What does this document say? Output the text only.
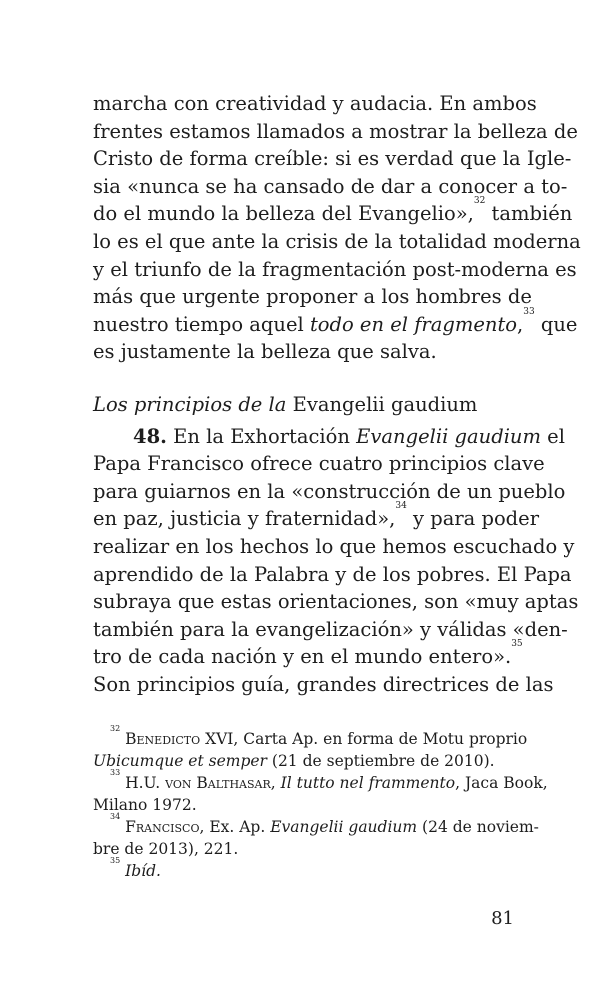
marcha con creatividad y audacia. En ambos
frentes estamos llamados a mostrar la belleza de
Cristo de forma creíble: si es verdad que la Igle-
sia «nunca se ha cansado de dar a conocer a to-
do el mundo la belleza del Evangelio»,$^{32}$ también
lo es el que ante la crisis de la totalidad moderna
y el triunfo de la fragmentación post-moderna es
más que urgente proponer a los hombres de
nuestro tiempo aquel todo en el fragmento,$^{33}$ que
es justamente la belleza que salva.
Los principios de la Evangelii gaudium
48. En la Exhortación Evangelii gaudium el
Papa Francisco ofrece cuatro principios clave
para guiarnos en la «construcción de un pueblo
en paz, justicia y fraternidad»,$^{34}$ y para poder
realizar en los hechos lo que hemos escuchado y
aprendido de la Palabra y de los pobres. El Papa
subraya que estas orientaciones, son «muy aptas
también para la evangelización» y válidas «den-
tro de cada nación y en el mundo entero».$^{35}$
Son principios guía, grandes directrices de las
$^{32}$ Benedicto XVI, Carta Ap. en forma de Motu proprio
Ubicumque et semper (21 de septiembre de 2010).
$^{33}$ H.U. von Balthasar, Il tutto nel frammento, Jaca Book,
Milano 1972.
$^{34}$ Francisco, Ex. Ap. Evangelii gaudium (24 de noviem-
bre de 2013), 221.
$^{35}$ Ibíd.
81
